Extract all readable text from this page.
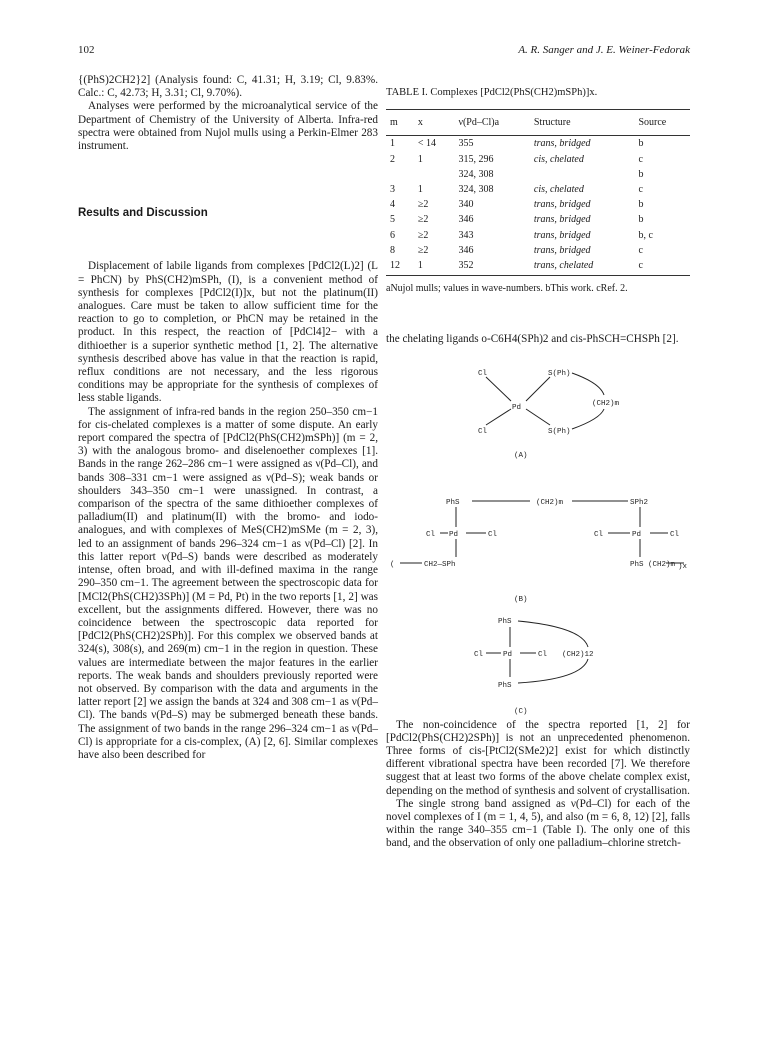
102	A. R. Sanger and J. E. Weiner-Fedorak

{(PhS)2CH2}2] (Analysis found: C, 41.31; H, 3.19; Cl, 9.83%. Calc.: C, 42.73; H, 3.31; Cl, 9.70%).

Analyses were performed by the microanalytical service of the Department of Chemistry of the University of Alberta. Infra-red spectra were obtained from Nujol mulls using a Perkin-Elmer 283 instrument.

Results and Discussion

Displacement of labile ligands from complexes [PdCl2(L)2] (L = PhCN) by PhS(CH2)mSPh, (I), is a convenient method of synthesis for complexes [PdCl2(I)]x, but not the platinum(II) analogues. Care must be taken to allow sufficient time for the reaction to go to completion, or PhCN may be retained in the product. In this respect, the reaction of [PdCl4]2− with a dithioether is a superior synthetic method [1, 2]. The alternative synthesis described above has value in that the reaction is rapid, reflux conditions are not necessary, and the less rigorous conditions may be appropriate for the synthesis of complexes of less stable ligands.

The assignment of infra-red bands in the region 250–350 cm−1 for cis-chelated complexes is a matter of some dispute. An early report compared the spectra of [PdCl2(PhS(CH2)mSPh)] (m = 2, 3) with the analogous bromo- and diselenoether complexes [1]. Bands in the range 262–286 cm−1 were assigned as ν(Pd–Cl), and bands 308–331 cm−1 were assigned as ν(Pd–S); weak bands or shoulders 343–350 cm−1 were unassigned. In contrast, a comparison of the spectra of the same dithioether complexes of palladium(II) and platinum(II) with the bromo- and iodo-analogues, and with complexes of MeS(CH2)mSMe (m = 2, 3), led to an assignment of bands 296–324 cm−1 as ν(Pd–Cl) [2]. In this latter report ν(Pd–S) bands were described as moderately intense, often broad, and with ill-defined maxima in the range 290–350 cm−1. The agreement between the spectroscopic data for [MCl2(PhS(CH2)3SPh)] (M = Pd, Pt) in the two reports [1, 2] was excellent, but the assignments differed. However, there was no coincidence between the spectroscopic data reported for [PdCl2(PhS(CH2)2SPh)]. For this complex we observed bands at 324(s), 308(s), and 269(m) cm−1 in the region in question. These values are intermediate between the major features in the earlier reports. The weak bands and shoulders previously reported were not observed. By comparison with the data and arguments in the latter report [2] we assign the bands at 324 and 308 cm−1 as ν(Pd–Cl). The bands ν(Pd–S) may be submerged beneath these bands. The assignment of two bands in the range 296–324 cm−1 as ν(Pd–Cl) is appropriate for a cis-complex, (A) [2, 6]. Similar complexes have also been described for

TABLE I. Complexes [PdCl2(PhS(CH2)mSPh)]x.
m	x	ν(Pd–Cl)a	Structure	Source
1	< 14	355	trans, bridged	b
2	1	315, 296	cis, chelated	c
		324, 308		b
3	1	324, 308	cis, chelated	c
4	≥2	340	trans, bridged	b
5	≥2	346	trans, bridged	b
6	≥2	343	trans, bridged	b, c
8	≥2	346	trans, bridged	c
12	1	352	trans, chelated	c
aNujol mulls; values in wave-numbers. bThis work. cRef. 2.

the chelating ligands o-C6H4(SPh)2 and cis-PhSCH=CHSPh [2].

Cl
Cl
Pd
S(Ph)
S(Ph)
(CH2)m
(A)
PhS	(CH2)m	SPh2
Cl Pd	Cl	Cl	Pd	Cl
(	CH2—SPh	PhS (CH2)m )x
(B)
PhS
PhS
Cl	Pd	Cl (CH2)12
(C)

The non-coincidence of the spectra reported [1, 2] for [PdCl2(PhS(CH2)2SPh)] is not an unprecedented phenomenon. Three forms of cis-[PtCl2(SMe2)2] exist for which distinctly different vibrational spectra have been recorded [7]. We therefore suggest that at least two forms of the above chelate complex exist, depending on the method of synthesis and solvent of crystallisation.

The single strong band assigned as ν(Pd–Cl) for each of the novel complexes of I (m = 1, 4, 5), and also (m = 6, 8, 12) [2], falls within the range 340–355 cm−1 (Table I). The only one of this band, and the observation of only one palladium–chlorine stretch-
